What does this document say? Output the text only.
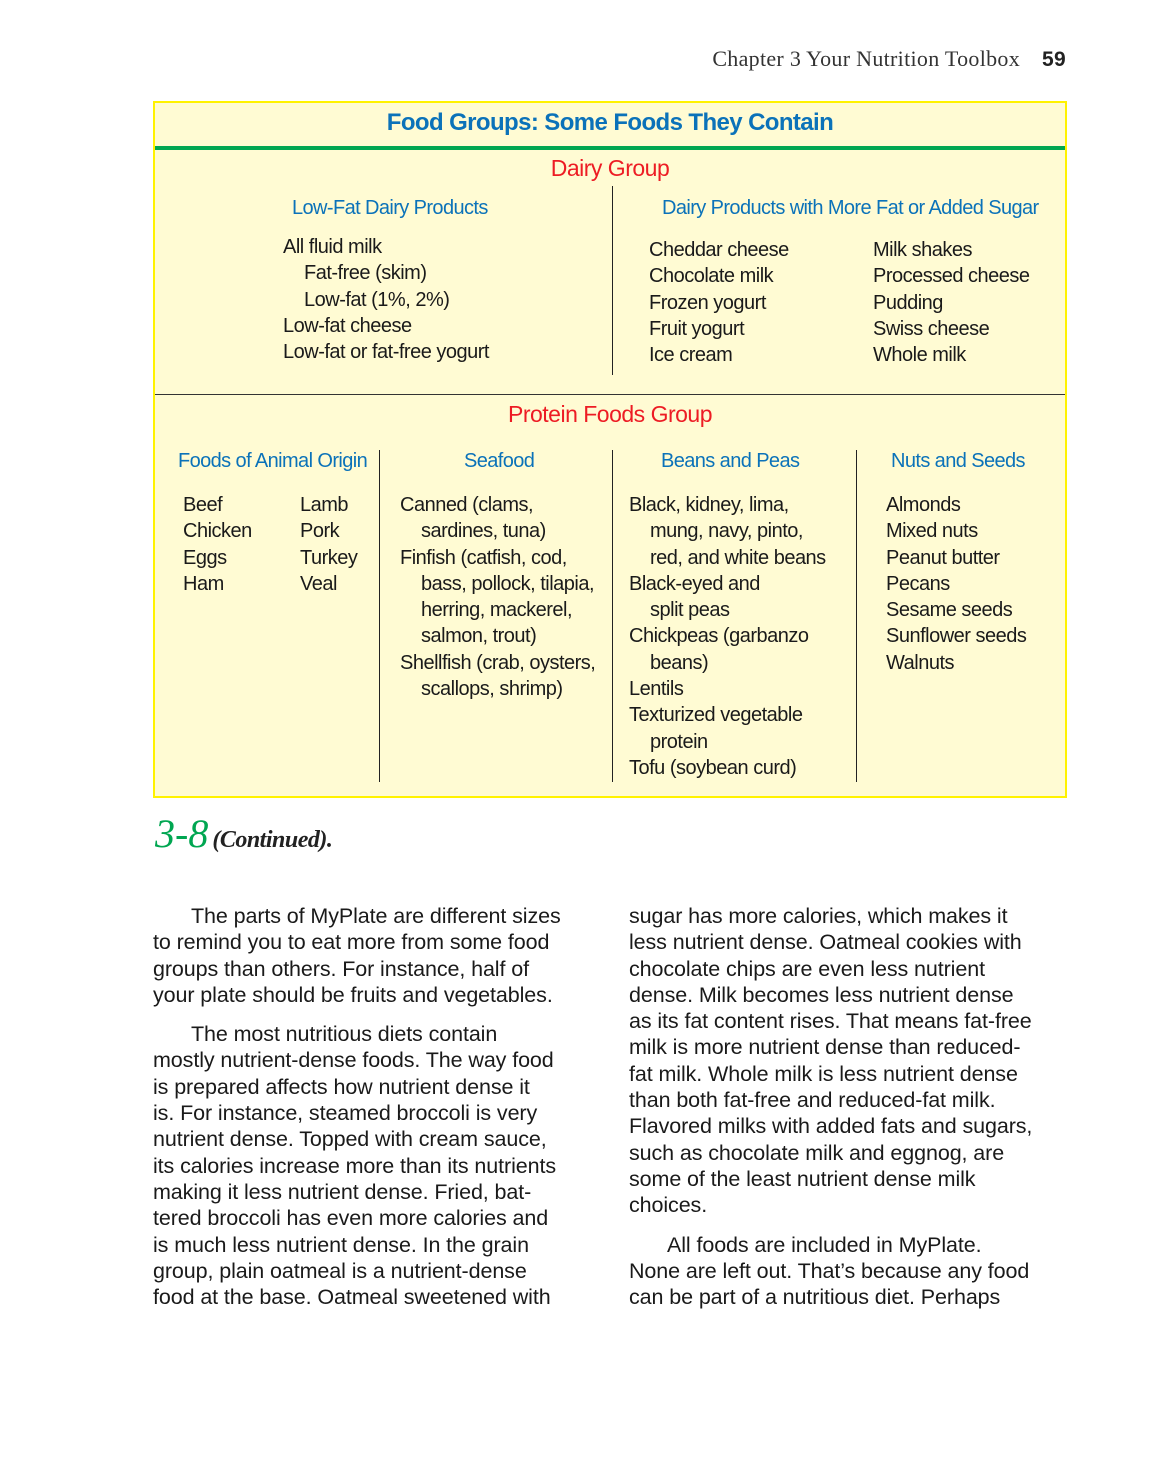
Chapter 3 Your Nutrition Toolbox 59
Food Groups: Some Foods They Contain
Dairy Group
Low-Fat Dairy Products
All fluid milk
Fat-free (skim)
Low-fat (1%, 2%)
Low-fat cheese
Low-fat or fat-free yogurt
Dairy Products with More Fat or Added Sugar
Cheddar cheese
Chocolate milk
Frozen yogurt
Fruit yogurt
Ice cream
Milk shakes
Processed cheese
Pudding
Swiss cheese
Whole milk
Protein Foods Group
Foods of Animal Origin
Beef
Chicken
Eggs
Ham
Lamb
Pork
Turkey
Veal
Seafood
Canned (clams,
sardines, tuna)
Finfish (catfish, cod,
bass, pollock, tilapia,
herring, mackerel,
salmon, trout)
Shellfish (crab, oysters,
scallops, shrimp)
Beans and Peas
Black, kidney, lima,
mung, navy, pinto,
red, and white beans
Black-eyed and
split peas
Chickpeas (garbanzo
beans)
Lentils
Texturized vegetable
protein
Tofu (soybean curd)
Nuts and Seeds
Almonds
Mixed nuts
Peanut butter
Pecans
Sesame seeds
Sunflower seeds
Walnuts
3-8 (Continued).
The parts of MyPlate are different sizes
to remind you to eat more from some food
groups than others. For instance, half of
your plate should be fruits and vegetables.
The most nutritious diets contain
mostly nutrient-dense foods. The way food
is prepared affects how nutrient dense it
is. For instance, steamed broccoli is very
nutrient dense. Topped with cream sauce,
its calories increase more than its nutrients
making it less nutrient dense. Fried, bat-
tered broccoli has even more calories and
is much less nutrient dense. In the grain
group, plain oatmeal is a nutrient-dense
food at the base. Oatmeal sweetened with
sugar has more calories, which makes it
less nutrient dense. Oatmeal cookies with
chocolate chips are even less nutrient
dense. Milk becomes less nutrient dense
as its fat content rises. That means fat-free
milk is more nutrient dense than reduced-
fat milk. Whole milk is less nutrient dense
than both fat-free and reduced-fat milk.
Flavored milks with added fats and sugars,
such as chocolate milk and eggnog, are
some of the least nutrient dense milk
choices.
All foods are included in MyPlate.
None are left out. That’s because any food
can be part of a nutritious diet. Perhaps
